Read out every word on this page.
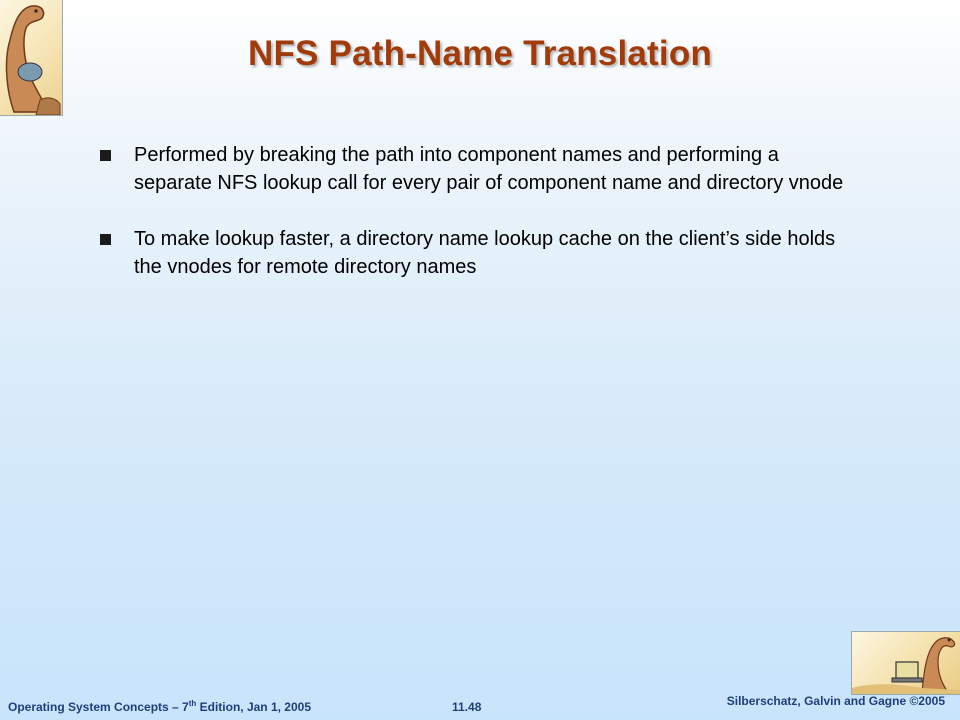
NFS Path-Name Translation

Performed by breaking the path into component names and performing a separate NFS lookup call for every pair of component name and directory vnode

To make lookup faster, a directory name lookup cache on the client’s side holds the vnodes for remote directory names

Operating System Concepts – 7th Edition, Jan 1, 2005	11.48	Silberschatz, Galvin and Gagne ©2005
